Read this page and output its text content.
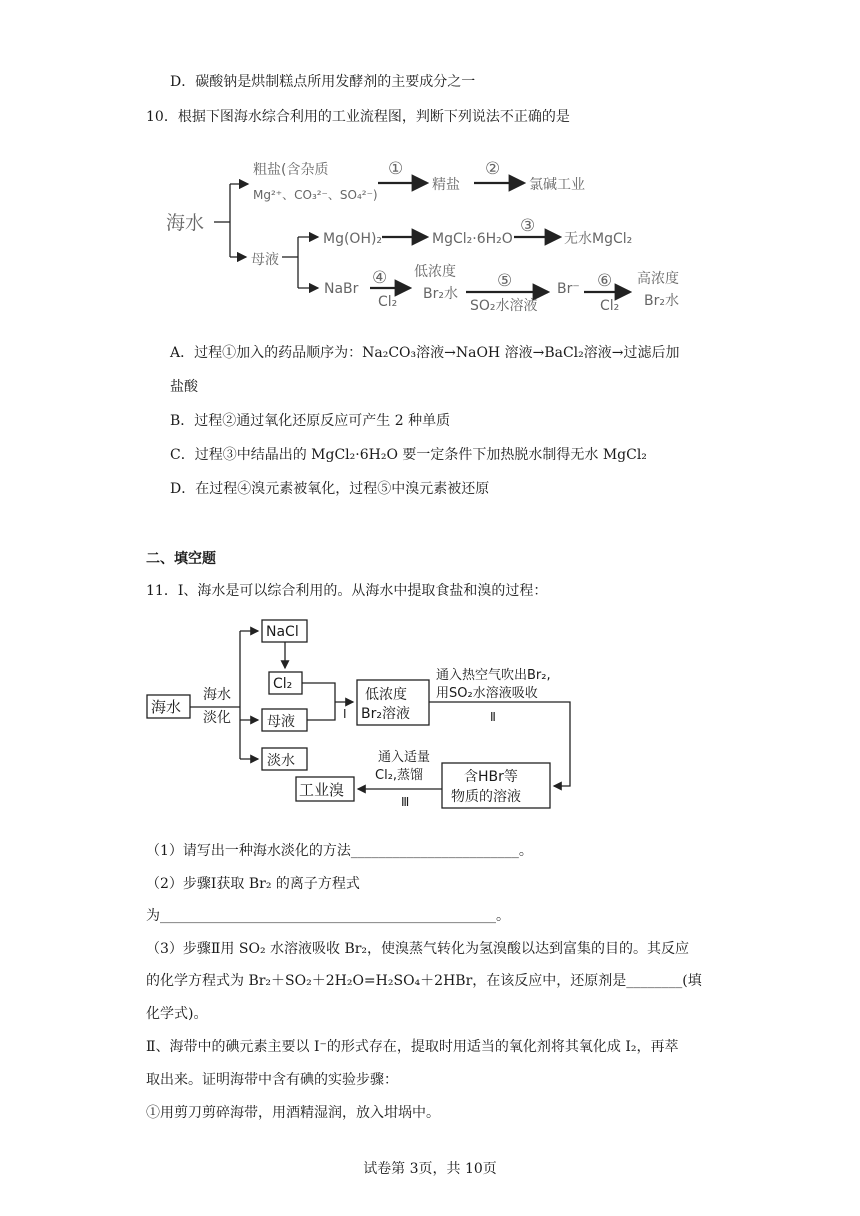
D．碳酸钠是烘制糕点所用发酵剂的主要成分之一
10．根据下图海水综合利用的工业流程图，判断下列说法不正确的是
海水
粗盐(含杂质
Mg²⁺、CO₃²⁻、SO₄²⁻)
①
精盐
②
氯碱工业
母液
Mg(OH)₂	MgCl₂·6H₂O
③
无水MgCl₂
NaBr
④
Cl₂
低浓度
Br₂水
⑤
SO₂水溶液
Br⁻ ⑥
Cl₂
高浓度
Br₂水
A．过程①加入的药品顺序为：Na₂CO₃溶液→NaOH 溶液→BaCl₂溶液→过滤后加
盐酸
B．过程②通过氧化还原反应可产生 2 种单质
C．过程③中结晶出的 MgCl₂·6H₂O 要一定条件下加热脱水制得无水 MgCl₂
D．在过程④溴元素被氧化，过程⑤中溴元素被还原
二、填空题
11．Ⅰ、海水是可以综合利用的。从海水中提取食盐和溴的过程：
海水
海水
淡化
NaCl
Cl₂
母液
淡水
Ⅰ
低浓度
Br₂溶液
通入热空气吹出Br₂,
用SO₂水溶液吸收
Ⅱ
含HBr等
物质的溶液
通入适量
Cl₂,蒸馏
Ⅲ
工业溴
（1）请写出一种海水淡化的方法________________________。
（2）步骤Ⅰ获取 Br₂ 的离子方程式
为________________________________________________。
（3）步骤Ⅱ用 SO₂ 水溶液吸收 Br₂，使溴蒸气转化为氢溴酸以达到富集的目的。其反应
的化学方程式为 Br₂＋SO₂＋2H₂O=H₂SO₄＋2HBr，在该反应中，还原剂是________(填
化学式)。
Ⅱ、海带中的碘元素主要以 I⁻的形式存在，提取时用适当的氧化剂将其氧化成 I₂，再萃
取出来。证明海带中含有碘的实验步骤：
①用剪刀剪碎海带，用酒精湿润，放入坩埚中。
试卷第 3页，共 10页
